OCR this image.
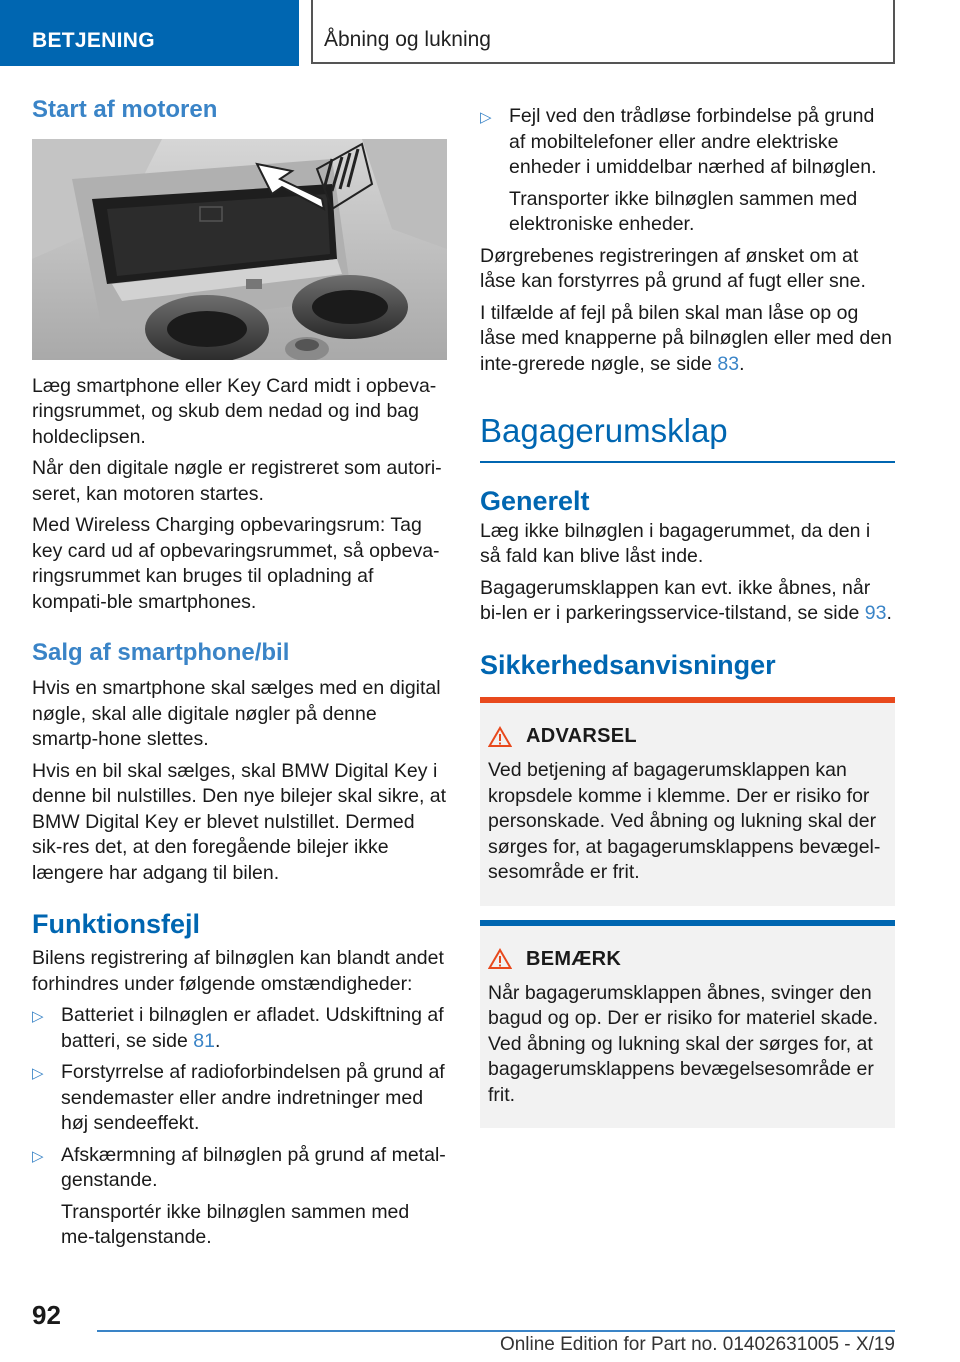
BETJENING	Åbning og lukning
Start af motoren

Læg smartphone eller Key Card midt i opbeva-ringsrummet, og skub dem nedad og ind bag holdeclipsen.

Når den digitale nøgle er registreret som autori-seret, kan motoren startes.

Med Wireless Charging opbevaringsrum: Tag key card ud af opbevaringsrummet, så opbeva-ringsrummet kan bruges til opladning af kompati-ble smartphones.

Salg af smartphone/bil

Hvis en smartphone skal sælges med en digital nøgle, skal alle digitale nøgler på denne smartp-hone slettes.

Hvis en bil skal sælges, skal BMW Digital Key i denne bil nulstilles. Den nye bilejer skal sikre, at BMW Digital Key er blevet nulstillet. Dermed sik-res det, at den foregående bilejer ikke længere har adgang til bilen.

Funktionsfejl

Bilens registrering af bilnøglen kan blandt andet forhindres under følgende omstændigheder:

▷ Batteriet i bilnøglen er afladet. Udskiftning af batteri, se side 81.
▷ Forstyrrelse af radioforbindelsen på grund af sendemaster eller andre indretninger med høj sendeeffekt.
▷ Afskærmning af bilnøglen på grund af metal-genstande.
Transportér ikke bilnøglen sammen med me-talgenstande.
▷ Fejl ved den trådløse forbindelse på grund af mobiltelefoner eller andre elektriske enheder i umiddelbar nærhed af bilnøglen.
Transporter ikke bilnøglen sammen med elektroniske enheder.

Dørgrebenes registreringen af ønsket om at låse kan forstyrres på grund af fugt eller sne.

I tilfælde af fejl på bilen skal man låse op og låse med knapperne på bilnøglen eller med den inte-grerede nøgle, se side 83.

Bagagerumsklap
Generelt

Læg ikke bilnøglen i bagagerummet, da den i så fald kan blive låst inde.

Bagagerumsklappen kan evt. ikke åbnes, når bi-len er i parkeringsservice-tilstand, se side 93.

Sikkerhedsanvisninger
ADVARSEL

Ved betjening af bagagerumsklappen kan kropsdele komme i klemme. Der er risiko for personskade. Ved åbning og lukning skal der sørges for, at bagagerumsklappens bevægel-sesområde er frit.

BEMÆRK

Når bagagerumsklappen åbnes, svinger den bagud og op. Der er risiko for materiel skade. Ved åbning og lukning skal der sørges for, at bagagerumsklappens bevægelsesområde er frit.

92
Online Edition for Part no. 01402631005 - X/19
